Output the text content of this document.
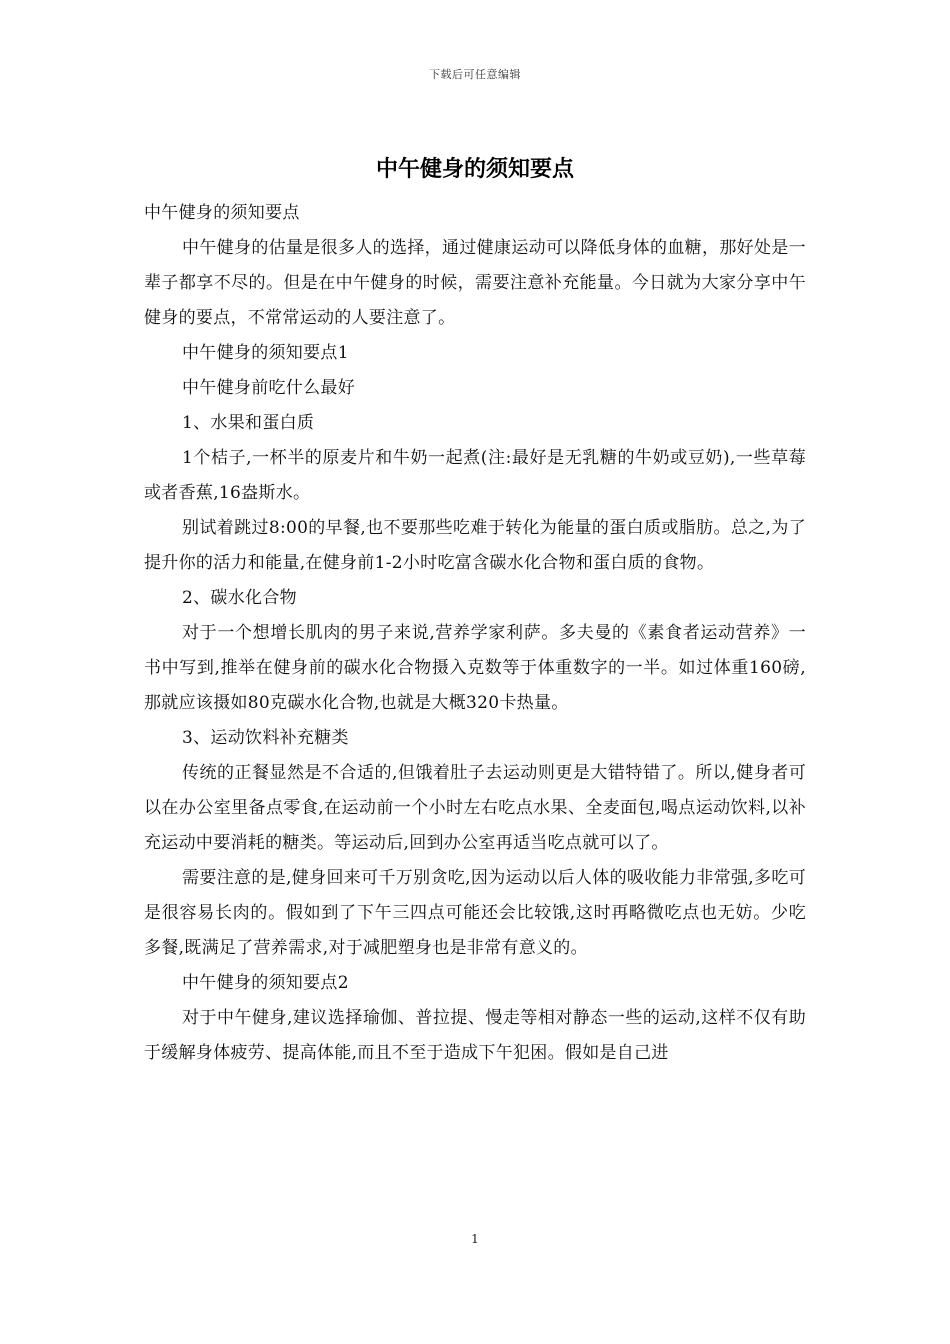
下载后可任意编辑
中午健身的须知要点

中午健身的须知要点

中午健身的估量是很多人的选择，通过健康运动可以降低身体的血糖，那好处是一辈子都享不尽的。但是在中午健身的时候，需要注意补充能量。今日就为大家分享中午健身的要点，不常常运动的人要注意了。

中午健身的须知要点1

中午健身前吃什么最好

1、水果和蛋白质

1个桔子,一杯半的原麦片和牛奶一起煮(注:最好是无乳糖的牛奶或豆奶),一些草莓或者香蕉,16盎斯水。

别试着跳过8:00的早餐,也不要那些吃难于转化为能量的蛋白质或脂肪。总之,为了提升你的活力和能量,在健身前1-2小时吃富含碳水化合物和蛋白质的食物。

2、碳水化合物

对于一个想增长肌肉的男子来说,营养学家利萨。多夫曼的《素食者运动营养》一书中写到,推举在健身前的碳水化合物摄入克数等于体重数字的一半。如过体重160磅,那就应该摄如80克碳水化合物,也就是大概320卡热量。

3、运动饮料补充糖类

传统的正餐显然是不合适的,但饿着肚子去运动则更是大错特错了。所以,健身者可以在办公室里备点零食,在运动前一个小时左右吃点水果、全麦面包,喝点运动饮料,以补充运动中要消耗的糖类。等运动后,回到办公室再适当吃点就可以了。

需要注意的是,健身回来可千万别贪吃,因为运动以后人体的吸收能力非常强,多吃可是很容易长肉的。假如到了下午三四点可能还会比较饿,这时再略微吃点也无妨。少吃多餐,既满足了营养需求,对于减肥塑身也是非常有意义的。

中午健身的须知要点2

对于中午健身,建议选择瑜伽、普拉提、慢走等相对静态一些的运动,这样不仅有助于缓解身体疲劳、提高体能,而且不至于造成下午犯困。假如是自己进

1
